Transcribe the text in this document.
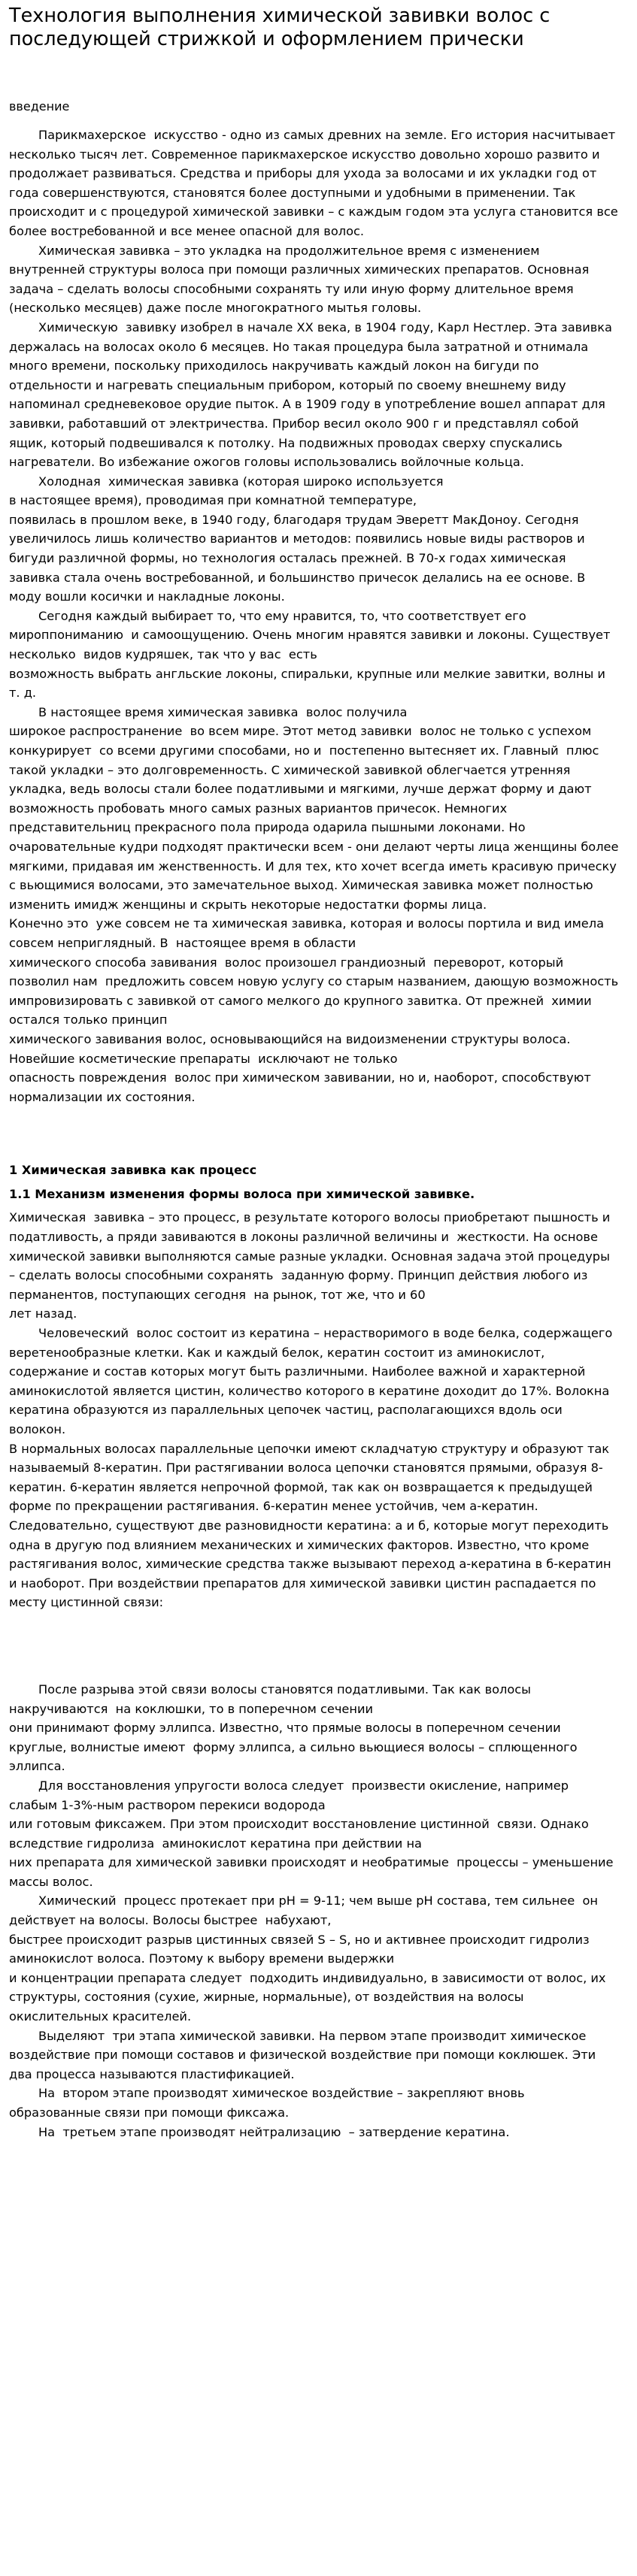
Технология выполнения химической завивки волос с последующей стрижкой и оформлением прически

введение

Парикмахерское  искусство - одно из самых древних на земле. Его история насчитывает несколько тысяч лет. Современное парикмахерское искусство довольно хорошо развито и продолжает развиваться. Средства и приборы для ухода за волосами и их укладки год от года совершенствуются, становятся более доступными и удобными в применении. Так происходит и с процедурой химической завивки – с каждым годом эта услуга становится все более востребованной и все менее опасной для волос.

Химическая завивка – это укладка на продолжительное время с изменением внутренней структуры волоса при помощи различных химических препаратов. Основная задача – сделать волосы способными сохранять ту или иную форму длительное время (несколько месяцев) даже после многократного мытья головы.

Химическую  завивку изобрел в начале XX века, в 1904 году, Карл Нестлер. Эта завивка держалась на волосах около 6 месяцев. Но такая процедура была затратной и отнимала много времени, поскольку приходилось накручивать каждый локон на бигуди по отдельности и нагревать специальным прибором, который по своему внешнему виду напоминал средневековое орудие пыток. А в 1909 году в употребление вошел аппарат для завивки, работавший от электричества. Прибор весил около 900 г и представлял собой ящик, который подвешивался к потолку. На подвижных проводах сверху спускались нагреватели. Во избежание ожогов головы использовались войлочные кольца.

Холодная  химическая завивка (которая широко используется
в настоящее время), проводимая при комнатной температуре,
появилась в прошлом веке, в 1940 году, благодаря трудам Эверетт МакДоноу. Сегодня увеличилось лишь количество вариантов и методов: появились новые виды растворов и бигуди различной формы, но технология осталась прежней. В 70-х годах химическая завивка стала очень востребованной, и большинство причесок делались на ее основе. В моду вошли косички и накладные локоны.

Сегодня каждый выбирает то, что ему нравится, то, что соответствует его мироппониманию  и самоощущению. Очень многим нравятся завивки и локоны. Существует несколько  видов кудряшек, так что у вас  есть
возможность выбрать англьские локоны, спиральки, крупные или мелкие завитки, волны и т. д.

В настоящее время химическая завивка  волос получила
широкое распространение  во всем мире. Этот метод завивки  волос не только с успехом конкурирует  со всеми другими способами, но и  постепенно вытесняет их. Главный  плюс такой укладки – это долговременность. С химической завивкой облегчается утренняя укладка, ведь волосы стали более податливыми и мягкими, лучше держат форму и дают возможность пробовать много самых разных вариантов причесок. Немногих представительниц прекрасного пола природа одарила пышными локонами. Но очаровательные кудри подходят практически всем - они делают черты лица женщины более мягкими, придавая им женственность. И для тех, кто хочет всегда иметь красивую прическу с вьющимися волосами, это замечательное выход. Химическая завивка может полностью изменить имидж женщины и скрыть некоторые недостатки формы лица.

Конечно это  уже совсем не та химическая завивка, которая и волосы портила и вид имела совсем неприглядный. В  настоящее время в области
химического способа завивания  волос произошел грандиозный  переворот, который позволил нам  предложить совсем новую услугу со старым названием, дающую возможность  импровизировать с завивкой от самого мелкого до крупного завитка. От прежней  химии остался только принцип
химического завивания волос, основывающийся на видоизменении структуры волоса. Новейшие косметические препараты  исключают не только
опасность повреждения  волос при химическом завивании, но и, наоборот, способствуют нормализации их состояния.

1 Химическая завивка как процесс
1.1 Механизм изменения формы волоса при химической завивке.

Химическая  завивка – это процесс, в результате которого волосы приобретают пышность и податливость, а пряди завиваются в локоны различной величины и  жесткости. На основе химической завивки выполняются самые разные укладки. Основная задача этой процедуры – сделать волосы способными сохранять  заданную форму. Принцип действия любого из перманентов, поступающих сегодня  на рынок, тот же, что и 60
лет назад.

Человеческий  волос состоит из кератина – нерастворимого в воде белка, содержащего веретенообразные клетки. Как и каждый белок, кератин состоит из аминокислот, содержание и состав которых могут быть различными. Наиболее важной и характерной аминокислотой является цистин, количество которого в кератине доходит до 17%. Волокна кератина образуются из параллельных цепочек частиц, располагающихся вдоль оси волокон.

В нормальных волосах параллельные цепочки имеют складчатую структуру и образуют так называемый 8-кератин. При растягивании волоса цепочки становятся прямыми, образуя 8-кератин. 6-кератин является непрочной формой, так как он возвращается к предыдущей форме по прекращении растягивания. 6-кератин менее устойчив, чем а-кератин. Следовательно, существуют две разновидности кератина: а и б, которые могут переходить одна в другую под влиянием механических и химических факторов. Известно, что кроме растягивания волос, химические средства также вызывают переход а-кератина в б-кератин и наоборот. При воздействии препаратов для химической завивки цистин распадается по месту цистинной связи:

После разрыва этой связи волосы становятся податливыми. Так как волосы накручиваются  на коклюшки, то в поперечном сечении
они принимают форму эллипса. Известно, что прямые волосы в поперечном сечении круглые, волнистые имеют  форму эллипса, а сильно вьющиеся волосы – сплющенного эллипса.

Для восстановления упругости волоса следует  произвести окисление, например слабым 1-3%-ным раствором перекиси водорода
или готовым фиксажем. При этом происходит восстановление цистинной  связи. Однако вследствие гидролиза  аминокислот кератина при действии на
них препарата для химической завивки происходят и необратимые  процессы – уменьшение массы волос.

Химический  процесс протекает при рН = 9-11; чем выше рН состава, тем сильнее  он действует на волосы. Волосы быстрее  набухают,
быстрее происходит разрыв цистинных связей S – S, но и активнее происходит гидролиз аминокислот волоса. Поэтому к выбору времени выдержки
и концентрации препарата следует  подходить индивидуально, в зависимости от волос, их структуры, состояния (сухие, жирные, нормальные), от воздействия на волосы окислительных красителей.

Выделяют  три этапа химической завивки. На первом этапе производит химическое воздействие при помощи составов и физической воздействие при помощи коклюшек. Эти два процесса называются пластификацией.

На  втором этапе производят химическое воздействие – закрепляют вновь образованные связи при помощи фиксажа.

На  третьем этапе производят нейтрализацию  – затвердение кератина.
